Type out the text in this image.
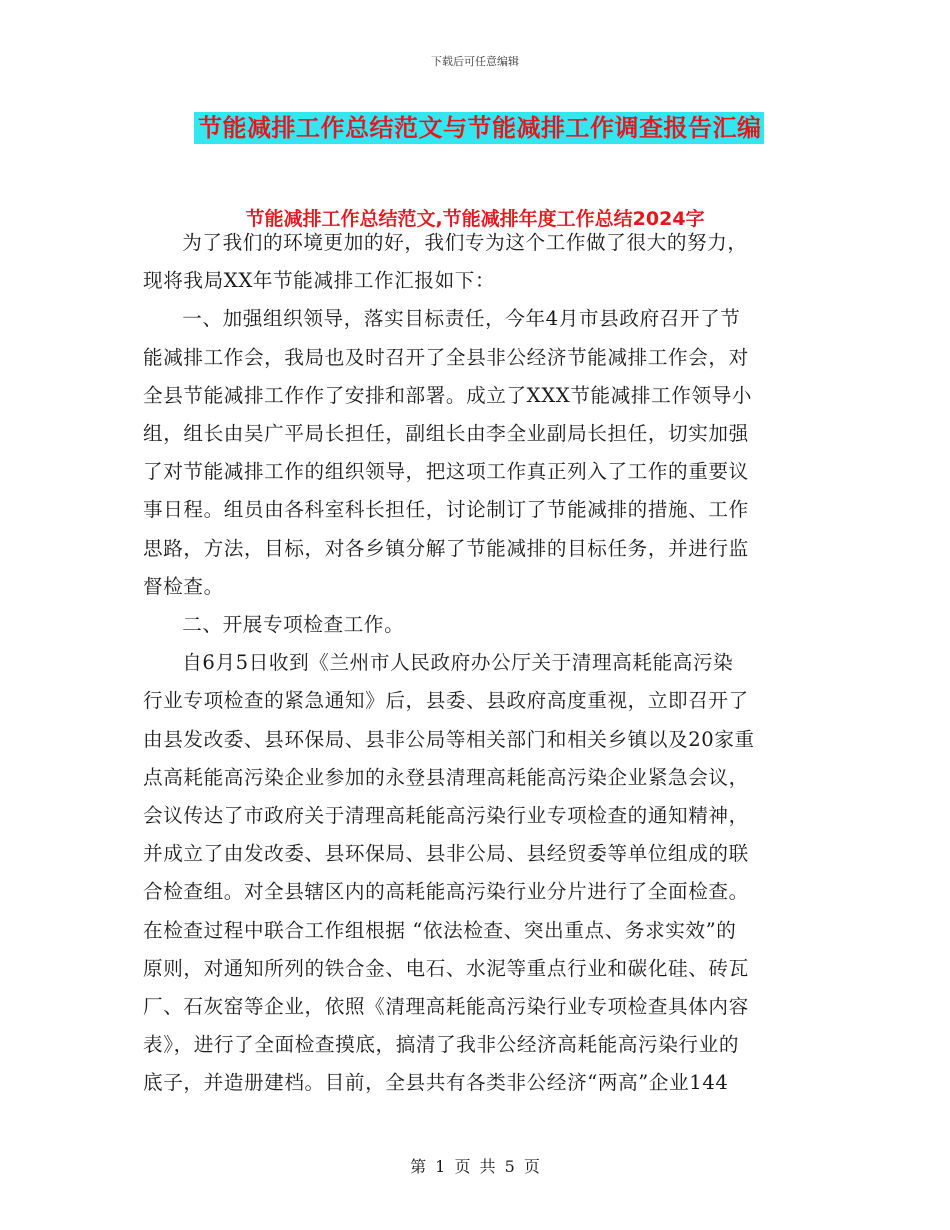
下载后可任意编辑
节能减排工作总结范文与节能减排工作调查报告汇编
节能减排工作总结范文,节能减排年度工作总结2024字

为了我们的环境更加的好，我们专为这个工作做了很大的努力，
现将我局XX年节能减排工作汇报如下：

一、加强组织领导，落实目标责任，今年4月市县政府召开了节
能减排工作会，我局也及时召开了全县非公经济节能减排工作会，对
全县节能减排工作作了安排和部署。成立了XXX节能减排工作领导小
组，组长由吴广平局长担任，副组长由李全业副局长担任，切实加强
了对节能减排工作的组织领导，把这项工作真正列入了工作的重要议
事日程。组员由各科室科长担任，讨论制订了节能减排的措施、工作
思路，方法，目标，对各乡镇分解了节能减排的目标任务，并进行监
督检查。

二、开展专项检查工作。

自6月5日收到《兰州市人民政府办公厅关于清理高耗能高污染
行业专项检查的紧急通知》后，县委、县政府高度重视，立即召开了
由县发改委、县环保局、县非公局等相关部门和相关乡镇以及20家重
点高耗能高污染企业参加的永登县清理高耗能高污染企业紧急会议，
会议传达了市政府关于清理高耗能高污染行业专项检查的通知精神，
并成立了由发改委、县环保局、县非公局、县经贸委等单位组成的联
合检查组。对全县辖区内的高耗能高污染行业分片进行了全面检查。
在检查过程中联合工作组根据 “依法检查、突出重点、务求实效”的
原则，对通知所列的铁合金、电石、水泥等重点行业和碳化硅、砖瓦
厂、石灰窑等企业，依照《清理高耗能高污染行业专项检查具体内容
表》，进行了全面检查摸底，搞清了我非公经济高耗能高污染行业的
底子，并造册建档。目前，全县共有各类非公经济“两高”企业144

第 1 页 共 5 页
